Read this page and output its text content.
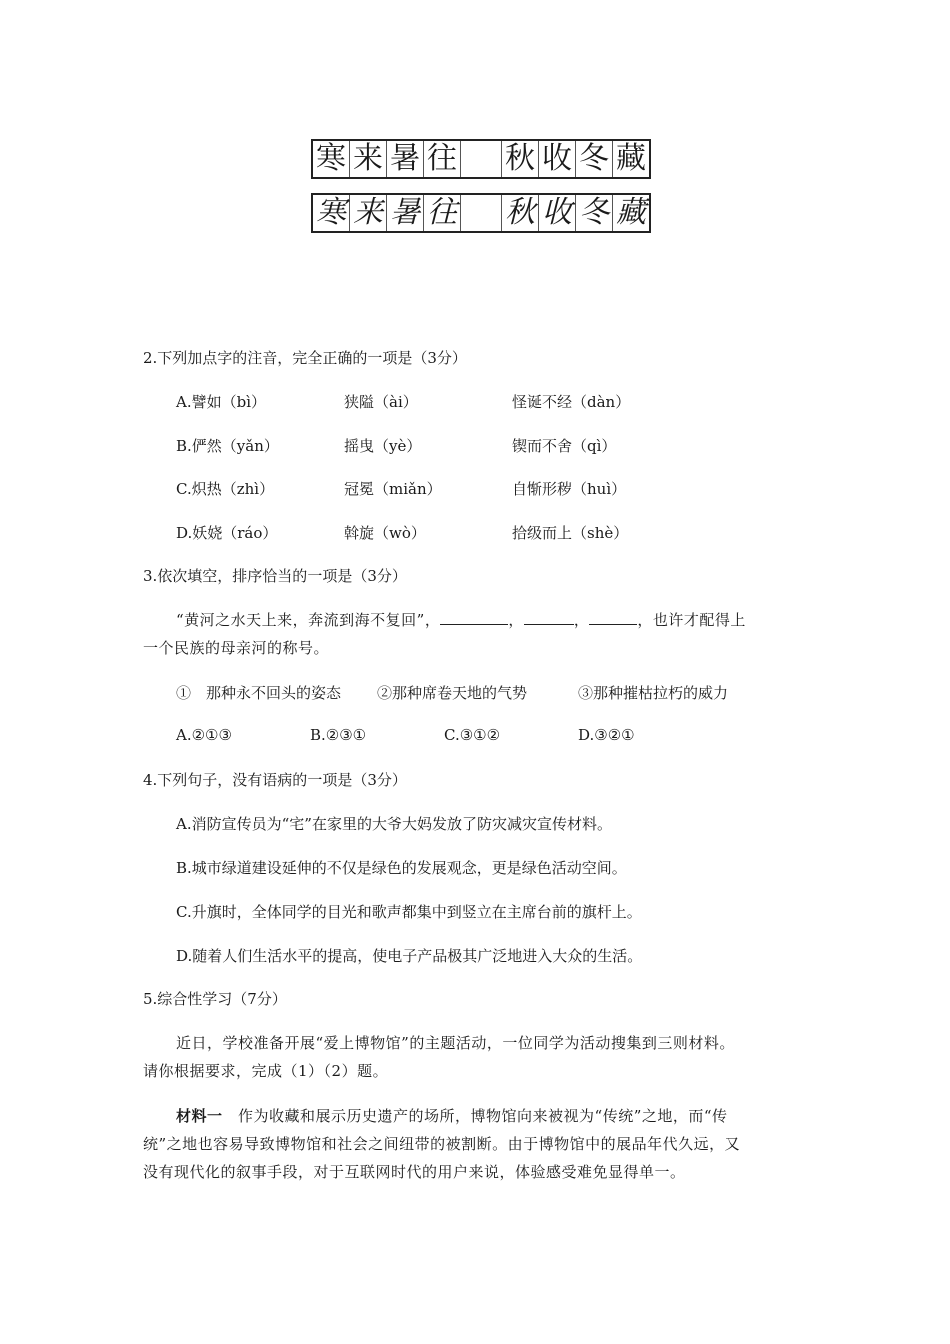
寒 来 暑 往 秋 收 冬 藏
寒 来 暑 往 秋 收 冬 藏
2.下列加点字的注音，完全正确的一项是（3分）
A.譬如（bì）	狭隘（ài）	怪诞不经（dàn）
B.俨然（yǎn）	摇曳（yè）	锲而不舍（qì）
C.炽热（zhì）	冠冕（miǎn）	自惭形秽（huì）
D.妖娆（ráo）	斡旋（wò）	拾级而上（shè）
3.依次填空，排序恰当的一项是（3分）
“黄河之水天上来，奔流到海不复回”，	，	，	，也许才配得上
一个民族的母亲河的称号。
①　那种永不回头的姿态 ②那种席卷天地的气势	③那种摧枯拉朽的威力
A.②①③	B.②③①	C.③①②	D.③②①
4.下列句子，没有语病的一项是（3分）
A.消防宣传员为“宅”在家里的大爷大妈发放了防灾减灾宣传材料。
B.城市绿道建设延伸的不仅是绿色的发展观念，更是绿色活动空间。
C.升旗时，全体同学的目光和歌声都集中到竖立在主席台前的旗杆上。
D.随着人们生活水平的提高，使电子产品极其广泛地进入大众的生活。
5.综合性学习（7分）
近日，学校准备开展“爱上博物馆”的主题活动，一位同学为活动搜集到三则材料。
请你根据要求，完成（1）（2）题。
材料一　 作为收藏和展示历史遗产的场所，博物馆向来被视为“传统”之地，而“传
统”之地也容易导致博物馆和社会之间纽带的被割断。由于博物馆中的展品年代久远，又
没有现代化的叙事手段，对于互联网时代的用户来说，体验感受难免显得单一。
